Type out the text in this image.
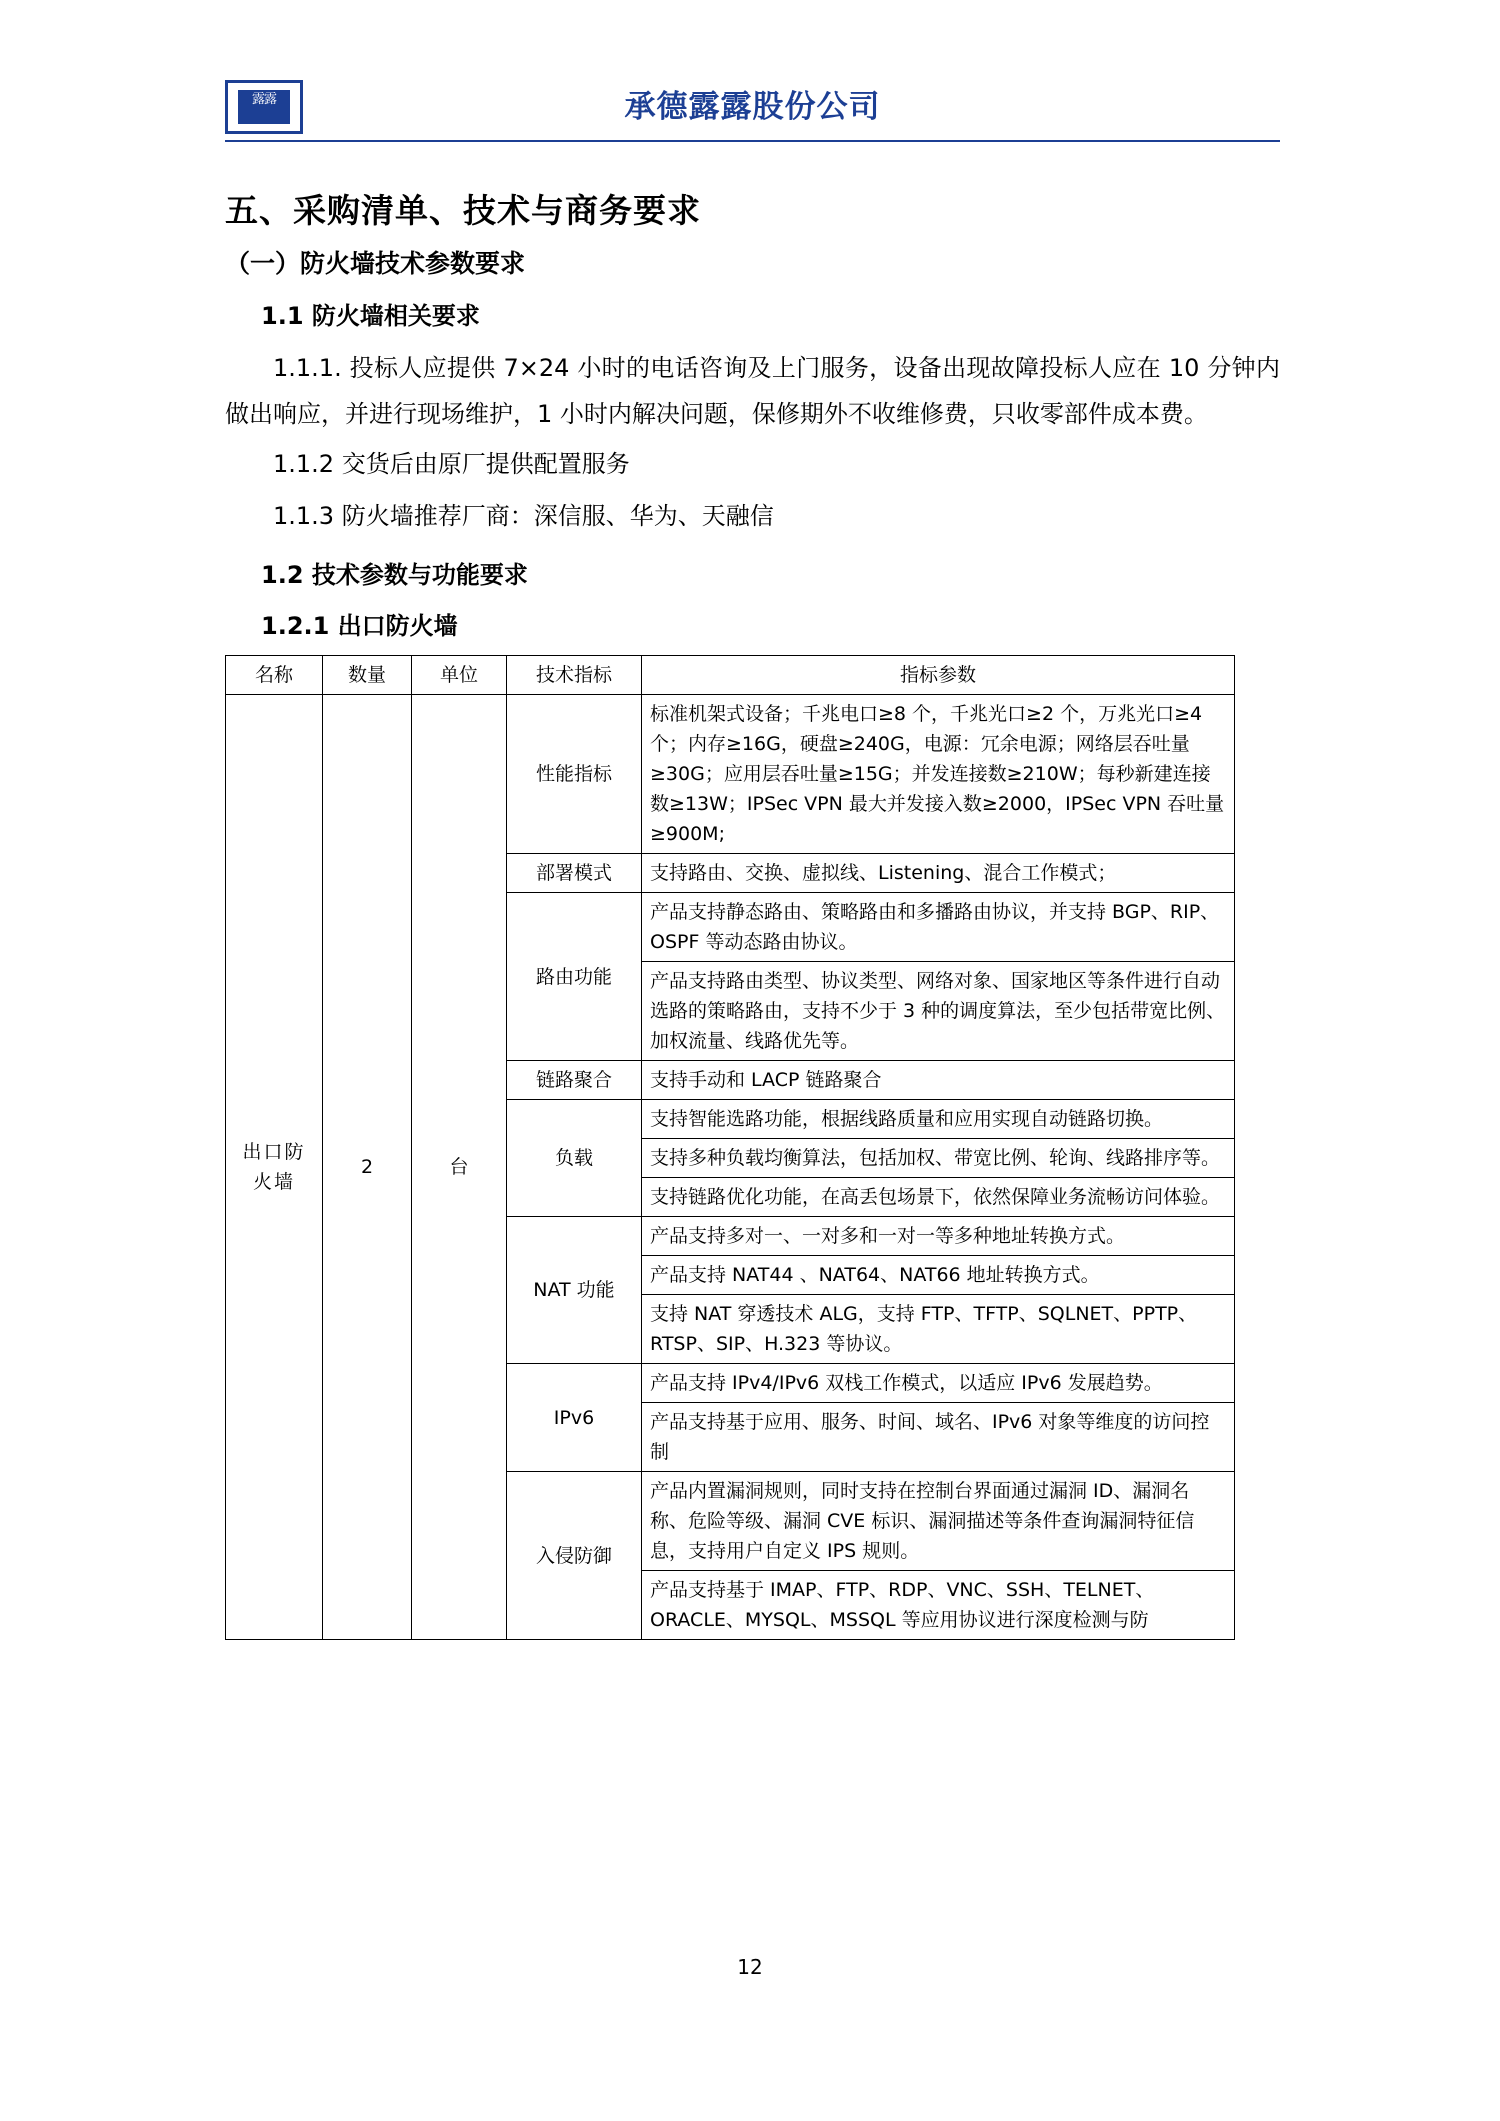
露露	承德露露股份公司
五、采购清单、技术与商务要求
（一）防火墙技术参数要求
1.1 防火墙相关要求

1.1.1. 投标人应提供 7×24 小时的电话咨询及上门服务，设备出现故障投标人应在 10 分钟内做出响应，并进行现场维护，1 小时内解决问题，保修期外不收维修费，只收零部件成本费。

1.1.2 交货后由原厂提供配置服务

1.1.3 防火墙推荐厂商：深信服、华为、天融信

1.2 技术参数与功能要求
1.2.1 出口防火墙
名称	数量	单位	技术指标	指标参数
出口防火墙	2	台	性能指标	标准机架式设备；千兆电口≥8 个，千兆光口≥2 个，万兆光口≥4 个；内存≥16G，硬盘≥240G，电源：冗余电源；网络层吞吐量≥30G；应用层吞吐量≥15G；并发连接数≥210W；每秒新建连接数≥13W；IPSec VPN 最大并发接入数≥2000，IPSec VPN 吞吐量≥900M;
			部署模式	支持路由、交换、虚拟线、Listening、混合工作模式；
			路由功能	产品支持静态路由、策略路由和多播路由协议，并支持 BGP、RIP、OSPF 等动态路由协议。
				产品支持路由类型、协议类型、网络对象、国家地区等条件进行自动选路的策略路由，支持不少于 3 种的调度算法，至少包括带宽比例、加权流量、线路优先等。
			链路聚合	支持手动和 LACP 链路聚合
			负载	支持智能选路功能，根据线路质量和应用实现自动链路切换。
				支持多种负载均衡算法，包括加权、带宽比例、轮询、线路排序等。
				支持链路优化功能，在高丢包场景下，依然保障业务流畅访问体验。
			NAT 功能	产品支持多对一、一对多和一对一等多种地址转换方式。
				产品支持 NAT44 、NAT64、NAT66 地址转换方式。
				支持 NAT 穿透技术 ALG，支持 FTP、TFTP、SQLNET、PPTP、RTSP、SIP、H.323 等协议。
			IPv6	产品支持 IPv4/IPv6 双栈工作模式，以适应 IPv6 发展趋势。
				产品支持基于应用、服务、时间、域名、IPv6 对象等维度的访问控制
			入侵防御	产品内置漏洞规则，同时支持在控制台界面通过漏洞 ID、漏洞名称、危险等级、漏洞 CVE 标识、漏洞描述等条件查询漏洞特征信息，支持用户自定义 IPS 规则。
				产品支持基于 IMAP、FTP、RDP、VNC、SSH、TELNET、ORACLE、MYSQL、MSSQL 等应用协议进行深度检测与防
12
